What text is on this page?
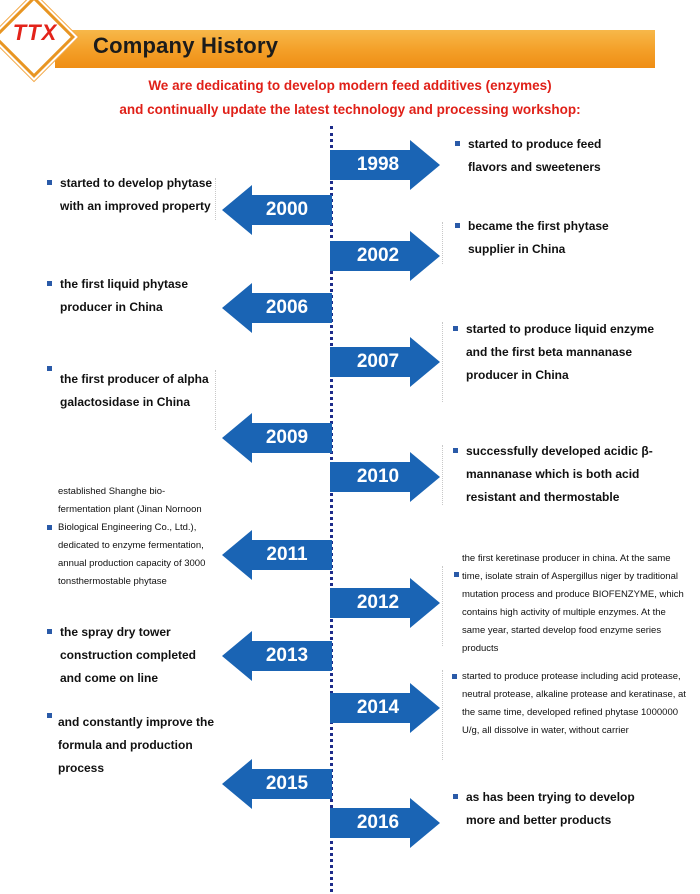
TTX
Company History
We are dedicating to develop modern feed additives (enzymes)
and continually update the latest technology and processing workshop:
1998
2000
2002
2006
2007
2009
2010
2011
2012
2013
2014
2015
2016
started to produce feed flavors and sweeteners
became the first phytase supplier in China
started to produce liquid enzyme and the first beta mannanase producer in China
successfully developed acidic β-mannanase which is both acid resistant and thermostable
the first keretinase producer in china. At the same time, isolate strain of Aspergillus niger by traditional mutation process and produce BIOFENZYME, which contains high activity of multiple enzymes. At the same year, started develop food enzyme series products
started to produce protease including acid protease, neutral protease, alkaline protease and keratinase, at the same time, developed refined phytase 1000000 U/g, all dissolve in water, without carrier
as has been trying to develop more and better products
started to develop phytase with an improved property
the first liquid phytase producer in China
the first producer of alpha galactosidase in China
established Shanghe bio-fermentation plant (Jinan Nornoon Biological Engineering Co., Ltd.), dedicated to enzyme fermentation, annual production capacity of 3000 tonsthermostable phytase
the spray dry tower construction completed and come on line
and constantly improve the formula and production process
